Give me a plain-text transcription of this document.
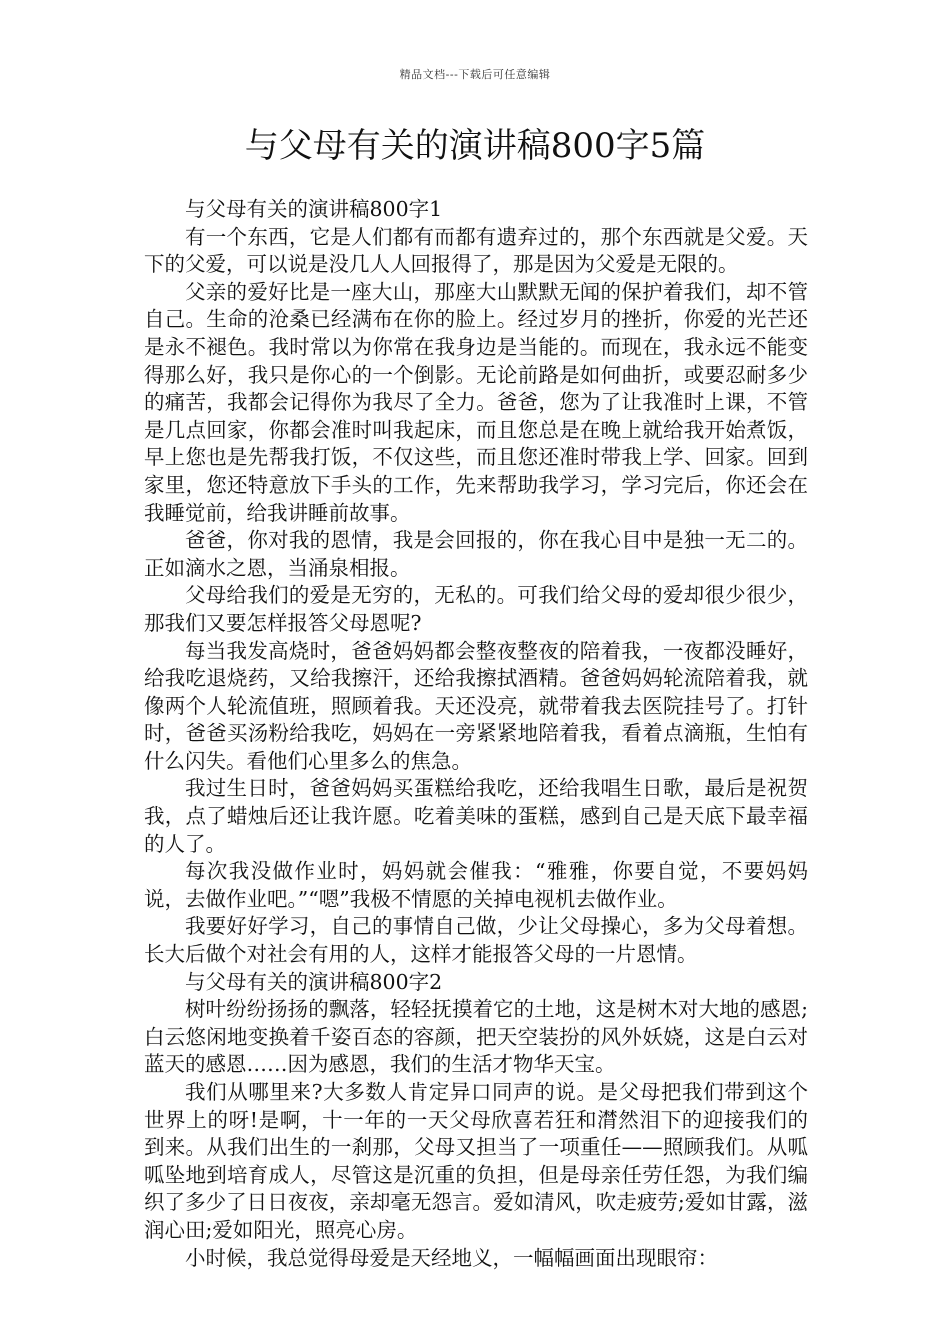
精品文档---下载后可任意编辑
与父母有关的演讲稿800字5篇

与父母有关的演讲稿800字1

有一个东西，它是人们都有而都有遗弃过的，那个东西就是父爱。天下的父爱，可以说是没几人人回报得了，那是因为父爱是无限的。

父亲的爱好比是一座大山，那座大山默默无闻的保护着我们，却不管自己。生命的沧桑已经满布在你的脸上。经过岁月的挫折，你爱的光芒还是永不褪色。我时常以为你常在我身边是当能的。而现在，我永远不能变得那么好，我只是你心的一个倒影。无论前路是如何曲折，或要忍耐多少的痛苦，我都会记得你为我尽了全力。爸爸，您为了让我准时上课，不管是几点回家，你都会准时叫我起床，而且您总是在晚上就给我开始煮饭，早上您也是先帮我打饭，不仅这些，而且您还准时带我上学、回家。回到家里，您还特意放下手头的工作，先来帮助我学习，学习完后，你还会在我睡觉前，给我讲睡前故事。

爸爸，你对我的恩情，我是会回报的，你在我心目中是独一无二的。正如滴水之恩，当涌泉相报。

父母给我们的爱是无穷的，无私的。可我们给父母的爱却很少很少，那我们又要怎样报答父母恩呢?

每当我发高烧时，爸爸妈妈都会整夜整夜的陪着我，一夜都没睡好，给我吃退烧药，又给我擦汗，还给我擦拭酒精。爸爸妈妈轮流陪着我，就像两个人轮流值班，照顾着我。天还没亮，就带着我去医院挂号了。打针时，爸爸买汤粉给我吃，妈妈在一旁紧紧地陪着我，看着点滴瓶，生怕有什么闪失。看他们心里多么的焦急。

我过生日时，爸爸妈妈买蛋糕给我吃，还给我唱生日歌，最后是祝贺我，点了蜡烛后还让我许愿。吃着美味的蛋糕，感到自己是天底下最幸福的人了。

每次我没做作业时，妈妈就会催我：“雅雅，你要自觉，不要妈妈说，去做作业吧。”“嗯”我极不情愿的关掉电视机去做作业。

我要好好学习，自己的事情自己做，少让父母操心，多为父母着想。长大后做个对社会有用的人，这样才能报答父母的一片恩情。

与父母有关的演讲稿800字2

树叶纷纷扬扬的飘落，轻轻抚摸着它的土地，这是树木对大地的感恩;白云悠闲地变换着千姿百态的容颜，把天空装扮的风外妖娆，这是白云对蓝天的感恩……因为感恩，我们的生活才物华天宝。

我们从哪里来?大多数人肯定异口同声的说。是父母把我们带到这个世界上的呀!是啊，十一年的一天父母欣喜若狂和潸然泪下的迎接我们的到来。从我们出生的一刹那，父母又担当了一项重任——照顾我们。从呱呱坠地到培育成人，尽管这是沉重的负担，但是母亲任劳任怨，为我们编织了多少了日日夜夜，亲却毫无怨言。爱如清风，吹走疲劳;爱如甘露，滋润心田;爱如阳光，照亮心房。

小时候，我总觉得母爱是天经地义，一幅幅画面出现眼帘：
